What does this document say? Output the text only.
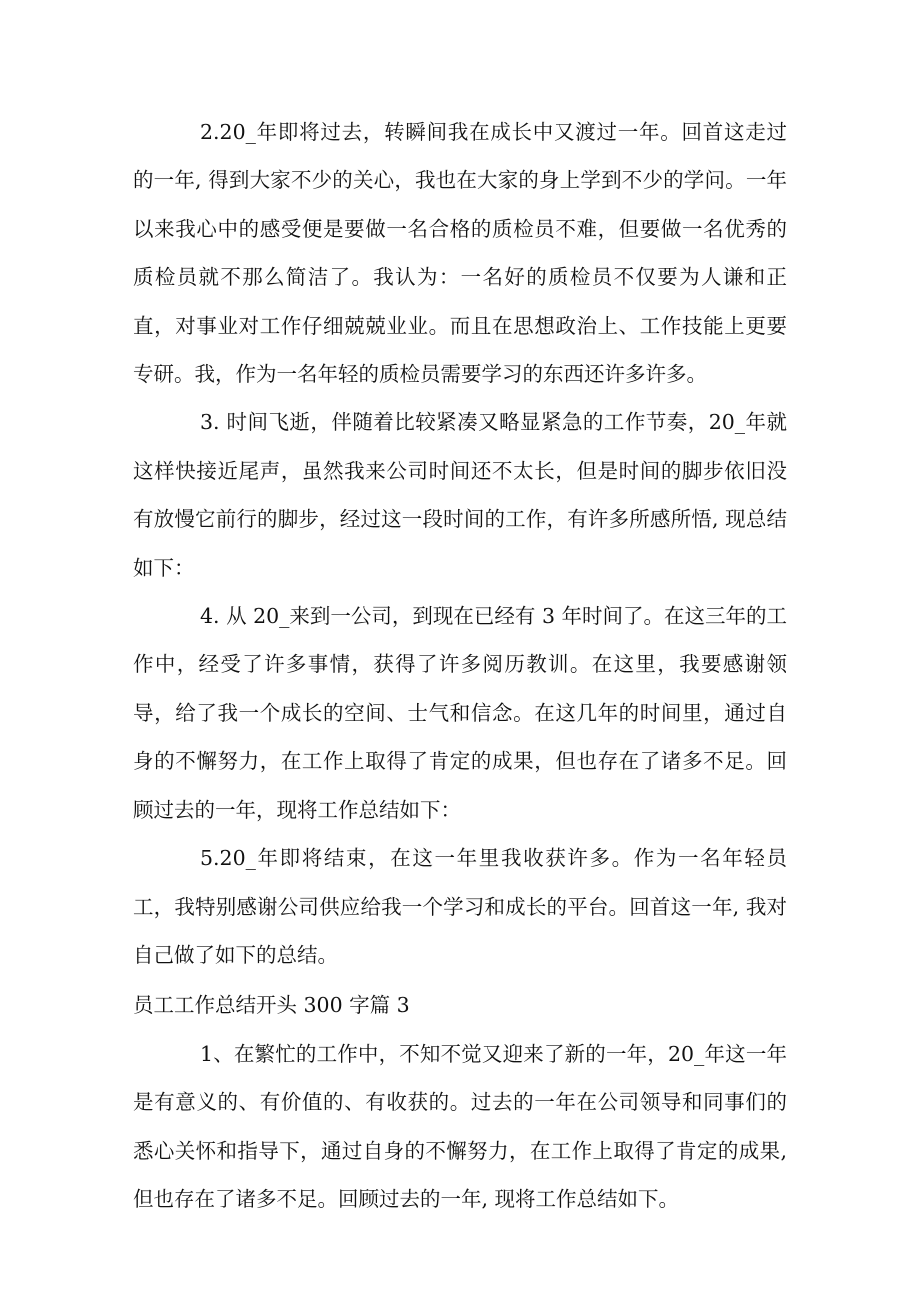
2.20_年即将过去，转瞬间我在成长中又渡过一年。回首这走过的一年, 得到大家不少的关心，我也在大家的身上学到不少的学问。一年以来我心中的感受便是要做一名合格的质检员不难，但要做一名优秀的质检员就不那么简洁了。我认为：一名好的质检员不仅要为人谦和正直，对事业对工作仔细兢兢业业。而且在思想政治上、工作技能上更要专研。我，作为一名年轻的质检员需要学习的东西还许多许多。

3. 时间飞逝，伴随着比较紧凑又略显紧急的工作节奏，20_年就这样快接近尾声，虽然我来公司时间还不太长，但是时间的脚步依旧没有放慢它前行的脚步，经过这一段时间的工作，有许多所感所悟, 现总结如下：

4. 从 20_来到一公司，到现在已经有 3 年时间了。在这三年的工作中，经受了许多事情，获得了许多阅历教训。在这里，我要感谢领导，给了我一个成长的空间、士气和信念。在这几年的时间里，通过自身的不懈努力，在工作上取得了肯定的成果，但也存在了诸多不足。回顾过去的一年，现将工作总结如下：

5.20_年即将结束，在这一年里我收获许多。作为一名年轻员工，我特别感谢公司供应给我一个学习和成长的平台。回首这一年, 我对自己做了如下的总结。

员工工作总结开头 300 字篇 3

1、在繁忙的工作中，不知不觉又迎来了新的一年，20_年这一年是有意义的、有价值的、有收获的。过去的一年在公司领导和同事们的悉心关怀和指导下，通过自身的不懈努力，在工作上取得了肯定的成果, 但也存在了诸多不足。回顾过去的一年, 现将工作总结如下。
